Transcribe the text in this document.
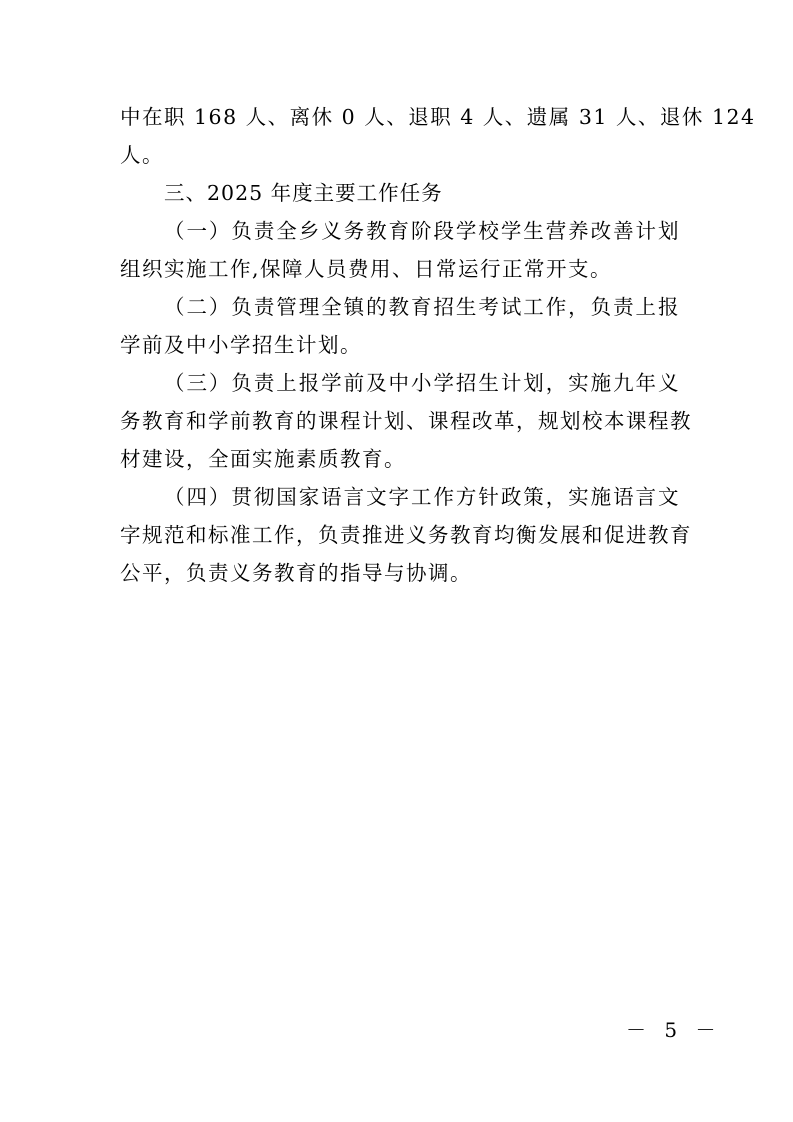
中在职 168 人、离休 0 人、退职 4 人、遗属 31 人、退休 124
人。
三、2025 年度主要工作任务
（一）负责全乡义务教育阶段学校学生营养改善计划
组织实施工作,保障人员费用、日常运行正常开支。
（二）负责管理全镇的教育招生考试工作，负责上报
学前及中小学招生计划。
（三）负责上报学前及中小学招生计划，实施九年义
务教育和学前教育的课程计划、课程改革，规划校本课程教
材建设，全面实施素质教育。
（四）贯彻国家语言文字工作方针政策，实施语言文
字规范和标准工作，负责推进义务教育均衡发展和促进教育
公平，负责义务教育的指导与协调。
－ 5 －
